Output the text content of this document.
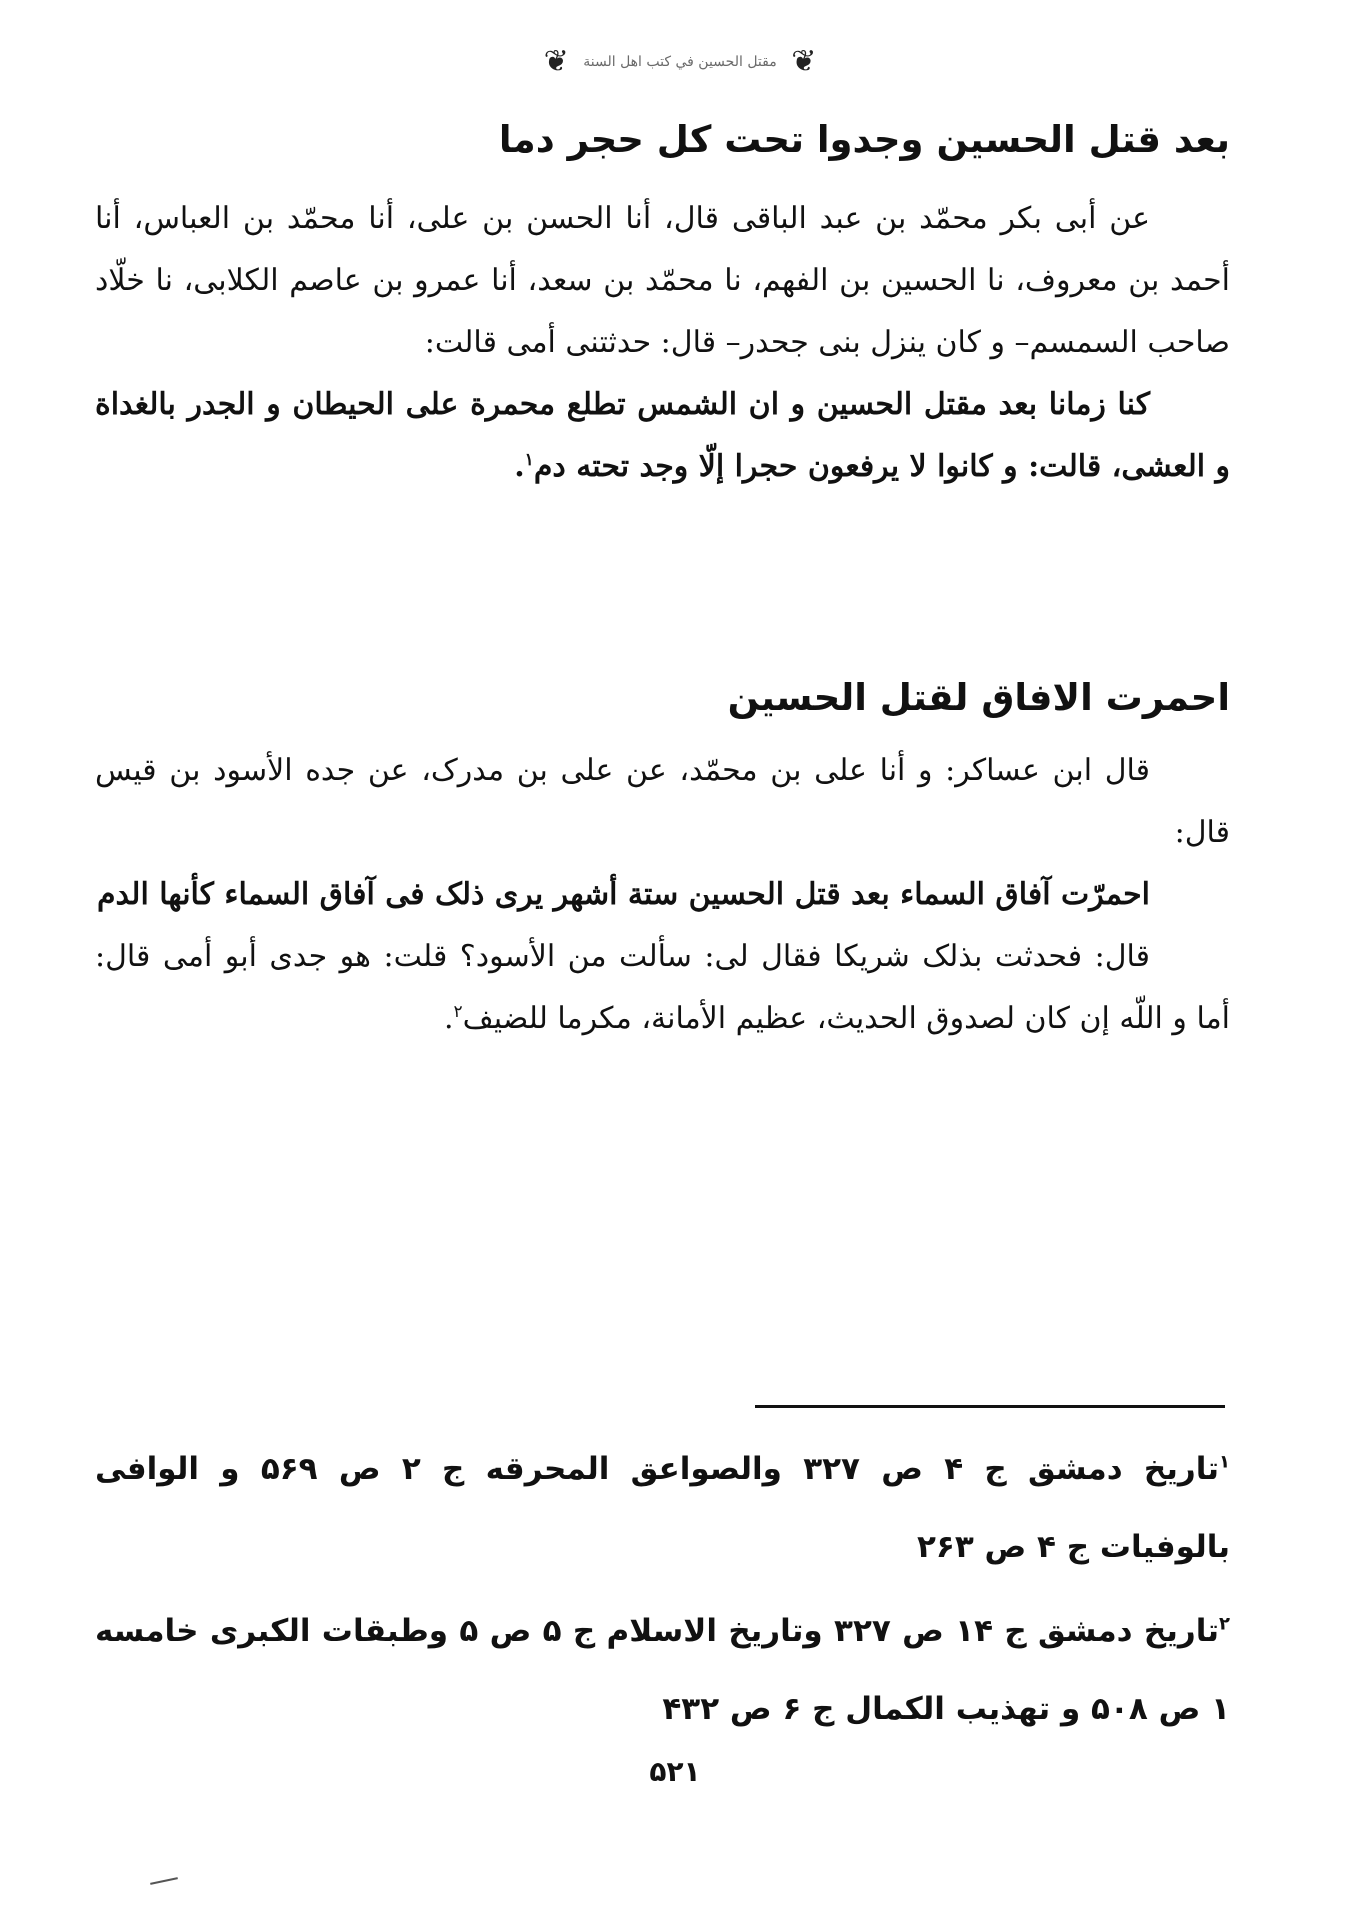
❦ مقتل الحسين في كتب اهل السنة ❦
بعد قتل الحسين وجدوا تحت كل حجر دما

عن أبى بكر محمّد بن عبد الباقى قال، أنا الحسن بن على، أنا محمّد بن العباس، أنا أحمد بن معروف، نا الحسين بن الفهم، نا محمّد بن سعد، أنا عمرو بن عاصم الكلابى، نا خلّاد صاحب السمسم– و كان ينزل بنى جحدر– قال: حدثتنى أمى قالت:

كنا زمانا بعد مقتل الحسين و ان الشمس تطلع محمرة على الحيطان و الجدر بالغداة و العشى، قالت: و كانوا لا يرفعون حجرا إلّا وجد تحته دم$^١$.

احمرت الافاق لقتل الحسين

قال ابن عساكر: و أنا على بن محمّد، عن على بن مدرک، عن جده الأسود بن قيس قال:

احمرّت آفاق السماء بعد قتل الحسين ستة أشهر يرى ذلک فى آفاق السماء كأنها الدم

قال: فحدثت بذلک شريكا فقال لى: سألت من الأسود؟ قلت: هو جدى أبو أمى قال: أما و اللّه إن كان لصدوق الحديث، عظيم الأمانة، مكرما للضيف$^٢$.

$^١$تاريخ دمشق ج ۴ ص ٣٢٧ والصواعق المحرقه ج ٢ ص ۵۶٩ و الوافى بالوفيات ج ۴ ص ٢۶٣

$^٢$تاريخ دمشق ج ١۴ ص ٣٢٧ وتاريخ الاسلام ج ۵ ص ۵ وطبقات الكبرى خامسه ١ ص ۵٠٨ و تهذيب الكمال ج ۶ ص ۴٣٢

۵٢١
